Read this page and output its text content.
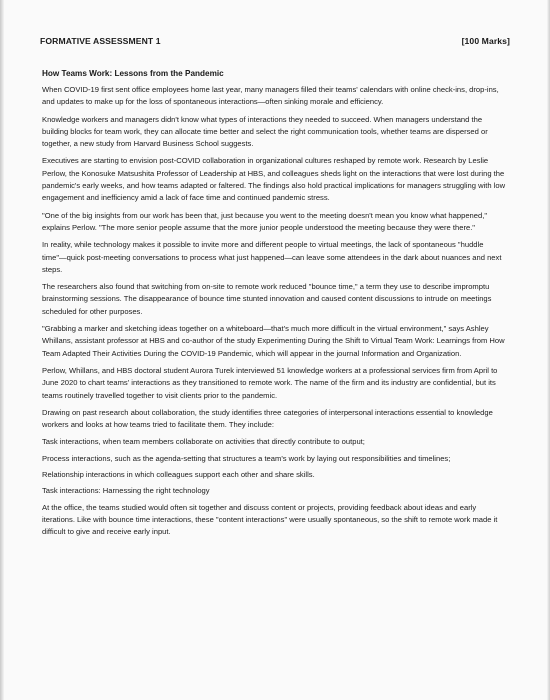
FORMATIVE ASSESSMENT 1	[100 Marks]
How Teams Work: Lessons from the Pandemic

When COVID-19 first sent office employees home last year, many managers filled their teams' calendars with online check-ins, drop-ins, and updates to make up for the loss of spontaneous interactions—often sinking morale and efficiency.

Knowledge workers and managers didn't know what types of interactions they needed to succeed. When managers understand the building blocks for team work, they can allocate time better and select the right communication tools, whether teams are dispersed or together, a new study from Harvard Business School suggests.

Executives are starting to envision post-COVID collaboration in organizational cultures reshaped by remote work. Research by Leslie Perlow, the Konosuke Matsushita Professor of Leadership at HBS, and colleagues sheds light on the interactions that were lost during the pandemic's early weeks, and how teams adapted or faltered. The findings also hold practical implications for managers struggling with low engagement and inefficiency amid a lack of face time and continued pandemic stress.

"One of the big insights from our work has been that, just because you went to the meeting doesn't mean you know what happened," explains Perlow. "The more senior people assume that the more junior people understood the meeting because they were there."

In reality, while technology makes it possible to invite more and different people to virtual meetings, the lack of spontaneous "huddle time"—quick post-meeting conversations to process what just happened—can leave some attendees in the dark about nuances and next steps.

The researchers also found that switching from on-site to remote work reduced "bounce time," a term they use to describe impromptu brainstorming sessions. The disappearance of bounce time stunted innovation and caused content discussions to intrude on meetings scheduled for other purposes.

"Grabbing a marker and sketching ideas together on a whiteboard—that's much more difficult in the virtual environment," says Ashley Whillans, assistant professor at HBS and co-author of the study Experimenting During the Shift to Virtual Team Work: Learnings from How Team Adapted Their Activities During the COVID-19 Pandemic, which will appear in the journal Information and Organization.

Perlow, Whillans, and HBS doctoral student Aurora Turek interviewed 51 knowledge workers at a professional services firm from April to June 2020 to chart teams' interactions as they transitioned to remote work. The name of the firm and its industry are confidential, but its teams routinely travelled together to visit clients prior to the pandemic.

Drawing on past research about collaboration, the study identifies three categories of interpersonal interactions essential to knowledge workers and looks at how teams tried to facilitate them. They include:

Task interactions, when team members collaborate on activities that directly contribute to output;

Process interactions, such as the agenda-setting that structures a team's work by laying out responsibilities and timelines;

Relationship interactions in which colleagues support each other and share skills.

Task interactions: Harnessing the right technology

At the office, the teams studied would often sit together and discuss content or projects, providing feedback about ideas and early iterations. Like with bounce time interactions, these "content interactions" were usually spontaneous, so the shift to remote work made it difficult to give and receive early input.
